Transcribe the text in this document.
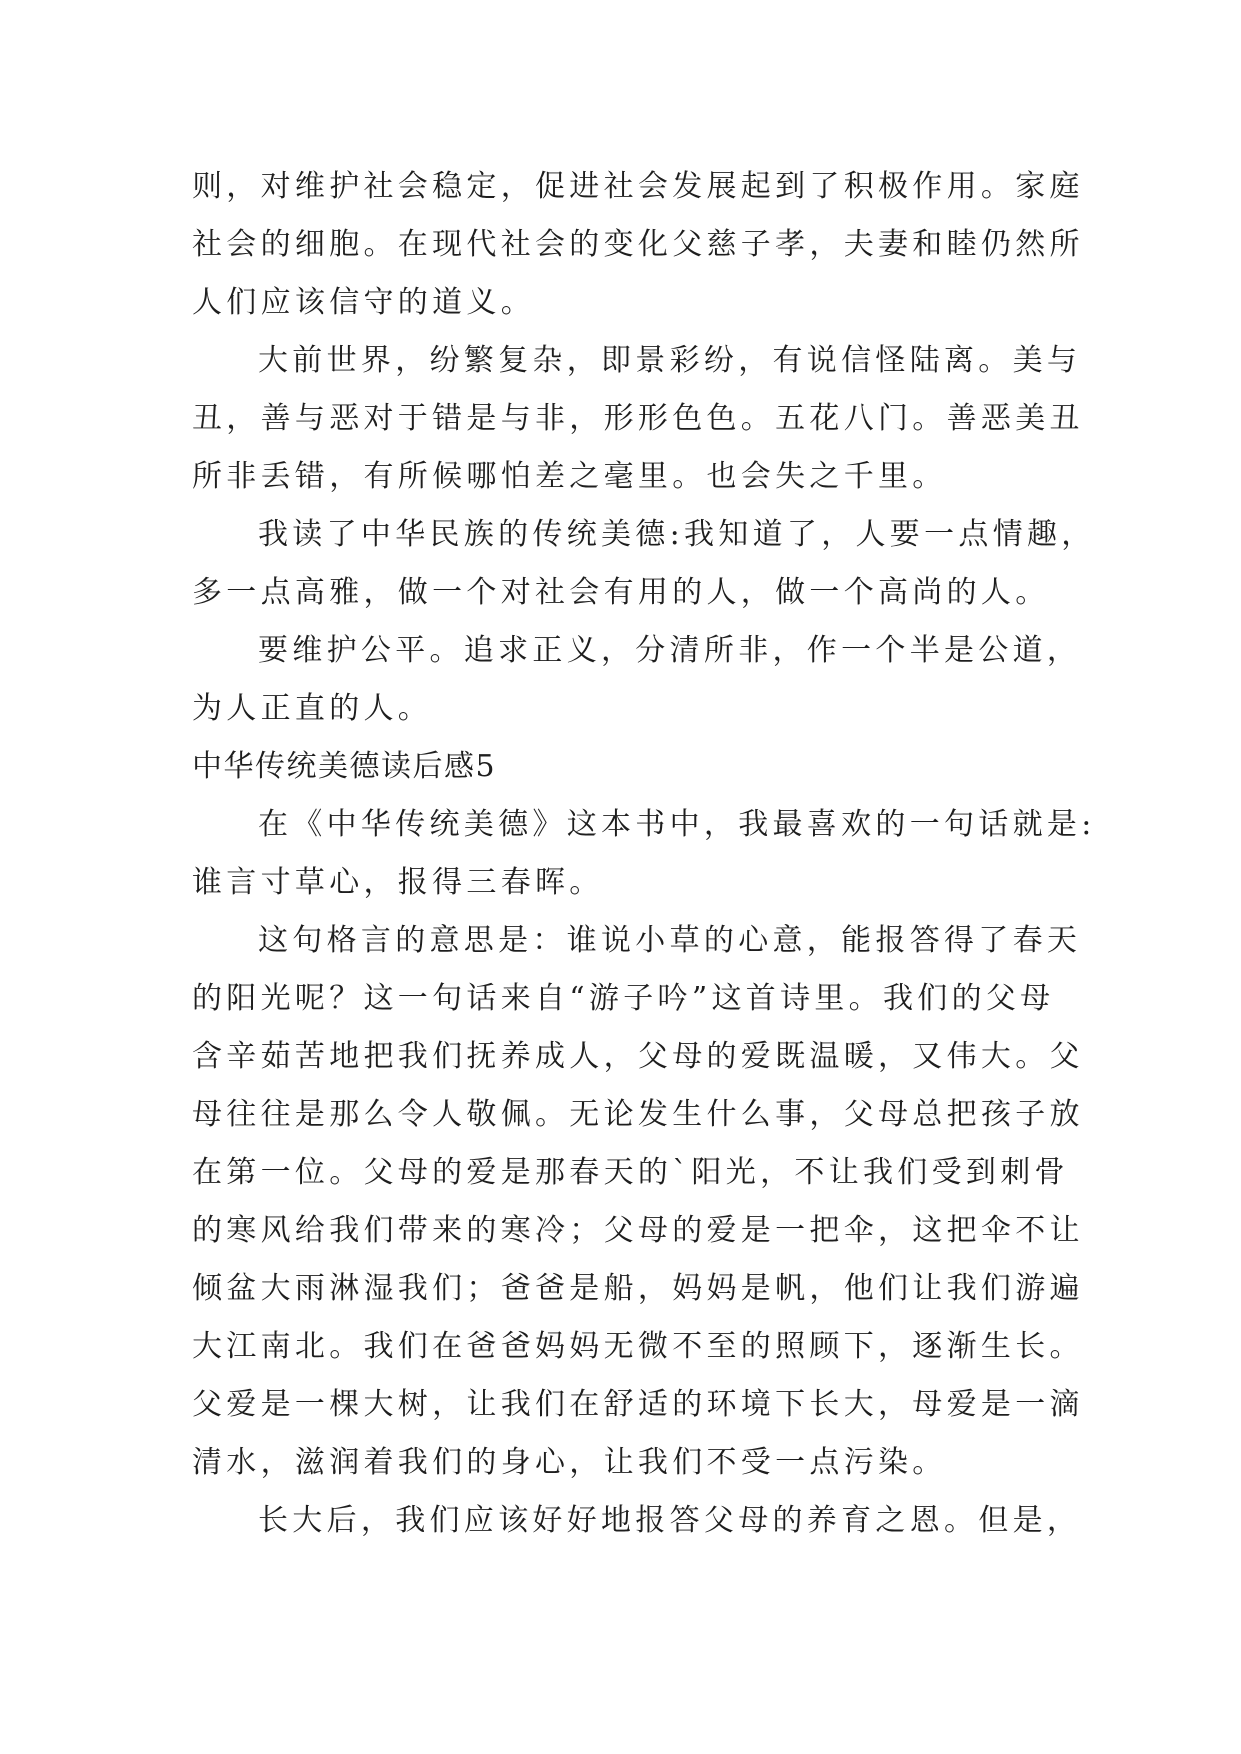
则，对维护社会稳定，促进社会发展起到了积极作用。家庭
社会的细胞。在现代社会的变化父慈子孝，夫妻和睦仍然所
人们应该信守的道义。
大前世界，纷繁复杂，即景彩纷，有说信怪陆离。美与
丑，善与恶对于错是与非，形形色色。五花八门。善恶美丑
所非丢错，有所候哪怕差之毫里。也会失之千里。
我读了中华民族的传统美德:我知道了，人要一点情趣，
多一点高雅，做一个对社会有用的人，做一个高尚的人。
要维护公平。追求正义，分清所非，作一个半是公道，
为人正直的人。
中华传统美德读后感5
在《中华传统美德》这本书中，我最喜欢的一句话就是:
谁言寸草心，报得三春晖。
这句格言的意思是：谁说小草的心意，能报答得了春天
的阳光呢？这一句话来自“游子吟”这首诗里。我们的父母
含辛茹苦地把我们抚养成人，父母的爱既温暖，又伟大。父
母往往是那么令人敬佩。无论发生什么事，父母总把孩子放
在第一位。父母的爱是那春天的`阳光，不让我们受到刺骨
的寒风给我们带来的寒冷；父母的爱是一把伞，这把伞不让
倾盆大雨淋湿我们；爸爸是船，妈妈是帆，他们让我们游遍
大江南北。我们在爸爸妈妈无微不至的照顾下，逐渐生长。
父爱是一棵大树，让我们在舒适的环境下长大，母爱是一滴
清水，滋润着我们的身心，让我们不受一点污染。
长大后，我们应该好好地报答父母的养育之恩。但是，
